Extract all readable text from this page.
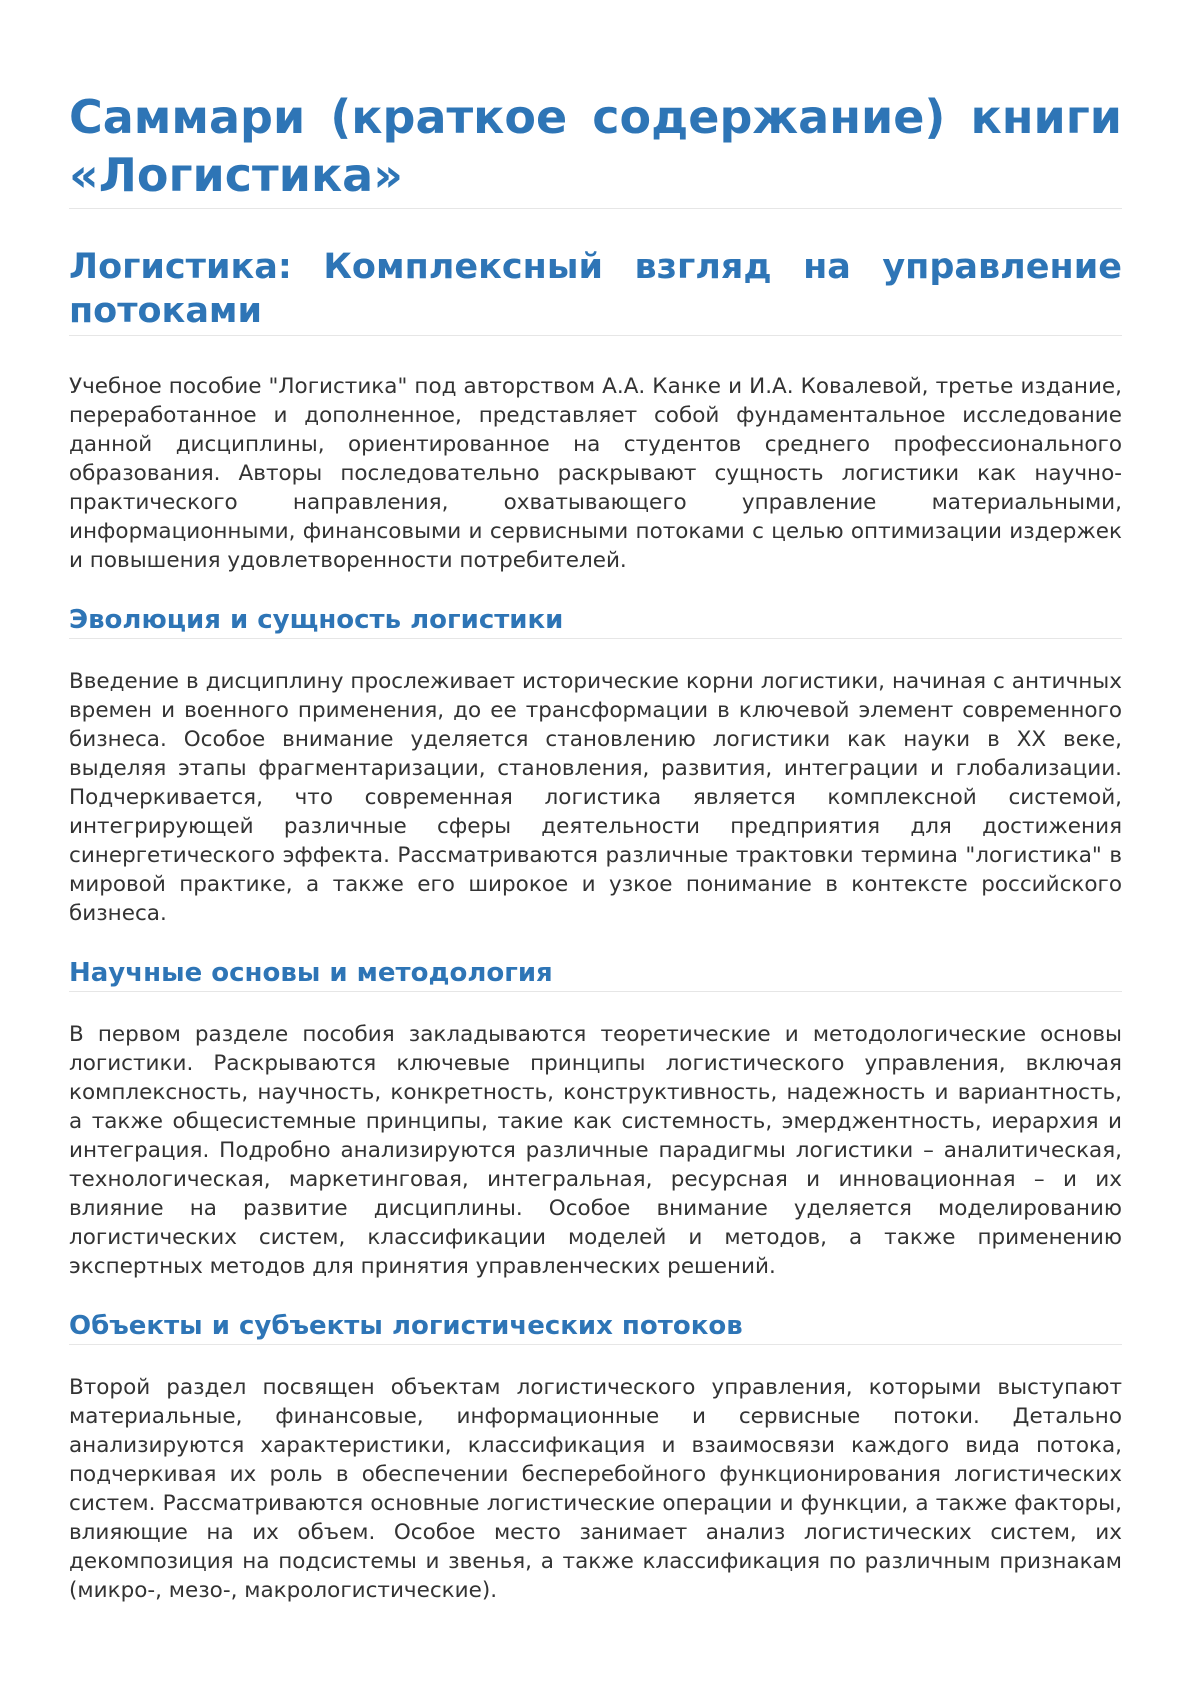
Саммари (краткое содержание) книги «Логистика»
Логистика: Комплексный взгляд на управление потоками

Учебное пособие "Логистика" под авторством А.А. Канке и И.А. Ковалевой, третье издание, переработанное и дополненное, представляет собой фундаментальное исследование данной дисциплины, ориентированное на студентов среднего профессионального образования. Авторы последовательно раскрывают сущность логистики как научно-практического направления, охватывающего управление материальными, информационными, финансовыми и сервисными потоками с целью оптимизации издержек и повышения удовлетворенности потребителей.

Эволюция и сущность логистики

Введение в дисциплину прослеживает исторические корни логистики, начиная с античных времен и военного применения, до ее трансформации в ключевой элемент современного бизнеса. Особое внимание уделяется становлению логистики как науки в XX веке, выделяя этапы фрагментаризации, становления, развития, интеграции и глобализации. Подчеркивается, что современная логистика является комплексной системой, интегрирующей различные сферы деятельности предприятия для достижения синергетического эффекта. Рассматриваются различные трактовки термина "логистика" в мировой практике, а также его широкое и узкое понимание в контексте российского бизнеса.

Научные основы и методология

В первом разделе пособия закладываются теоретические и методологические основы логистики. Раскрываются ключевые принципы логистического управления, включая комплексность, научность, конкретность, конструктивность, надежность и вариантность, а также общесистемные принципы, такие как системность, эмерджентность, иерархия и интеграция. Подробно анализируются различные парадигмы логистики – аналитическая, технологическая, маркетинговая, интегральная, ресурсная и инновационная – и их влияние на развитие дисциплины. Особое внимание уделяется моделированию логистических систем, классификации моделей и методов, а также применению экспертных методов для принятия управленческих решений.

Объекты и субъекты логистических потоков

Второй раздел посвящен объектам логистического управления, которыми выступают материальные, финансовые, информационные и сервисные потоки. Детально анализируются характеристики, классификация и взаимосвязи каждого вида потока, подчеркивая их роль в обеспечении бесперебойного функционирования логистических систем. Рассматриваются основные логистические операции и функции, а также факторы, влияющие на их объем. Особое место занимает анализ логистических систем, их декомпозиция на подсистемы и звенья, а также классификация по различным признакам (микро-, мезо-, макрологистические).
